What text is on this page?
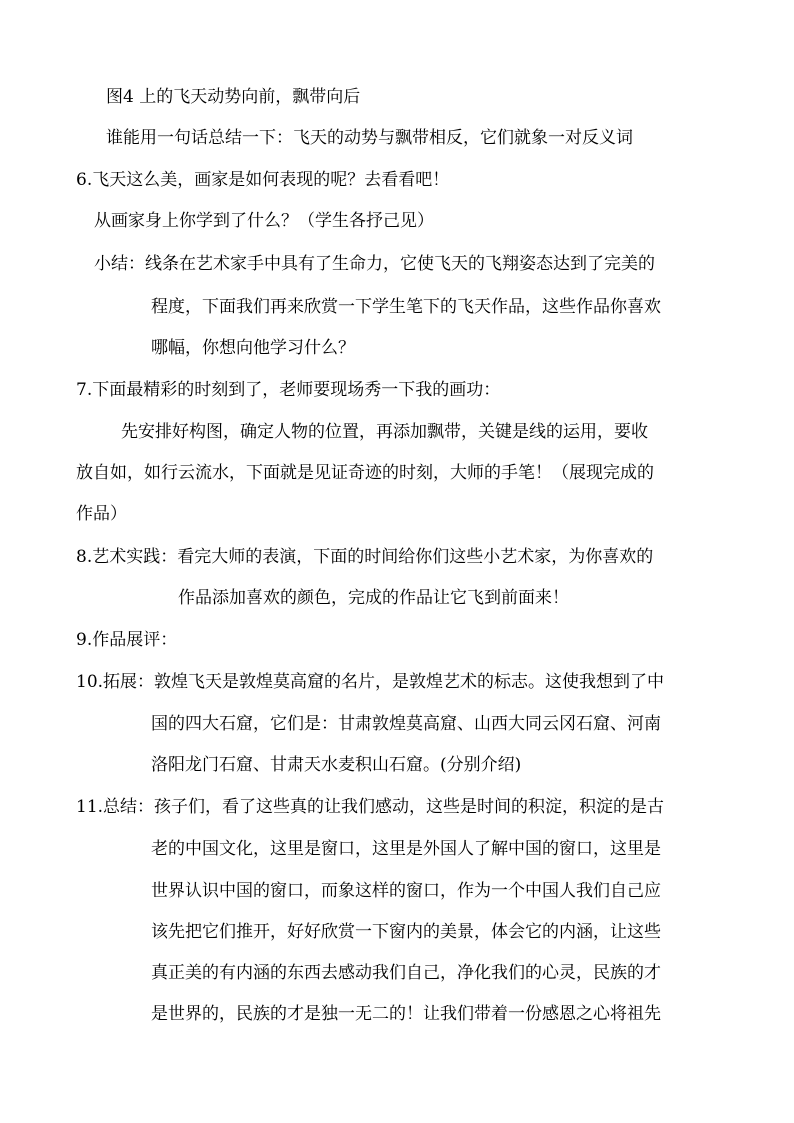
图4 上的飞天动势向前，飘带向后
谁能用一句话总结一下：飞天的动势与飘带相反，它们就象一对反义词
6.飞天这么美，画家是如何表现的呢？去看看吧！
从画家身上你学到了什么？（学生各抒己见）
小结：线条在艺术家手中具有了生命力，它使飞天的飞翔姿态达到了完美的
程度，下面我们再来欣赏一下学生笔下的飞天作品，这些作品你喜欢
哪幅，你想向他学习什么？
7.下面最精彩的时刻到了，老师要现场秀一下我的画功：
先安排好构图，确定人物的位置，再添加飘带，关键是线的运用，要收
放自如，如行云流水，下面就是见证奇迹的时刻，大师的手笔！（展现完成的
作品）
8.艺术实践：看完大师的表演，下面的时间给你们这些小艺术家，为你喜欢的
作品添加喜欢的颜色，完成的作品让它飞到前面来！
9.作品展评：
10.拓展：敦煌飞天是敦煌莫高窟的名片，是敦煌艺术的标志。这使我想到了中
国的四大石窟，它们是：甘肃敦煌莫高窟、山西大同云冈石窟、河南
洛阳龙门石窟、甘肃天水麦积山石窟。(分别介绍)
11.总结：孩子们，看了这些真的让我们感动，这些是时间的积淀，积淀的是古
老的中国文化，这里是窗口，这里是外国人了解中国的窗口，这里是
世界认识中国的窗口，而象这样的窗口，作为一个中国人我们自己应
该先把它们推开，好好欣赏一下窗内的美景，体会它的内涵，让这些
真正美的有内涵的东西去感动我们自己，净化我们的心灵，民族的才
是世界的，民族的才是独一无二的！让我们带着一份感恩之心将祖先
